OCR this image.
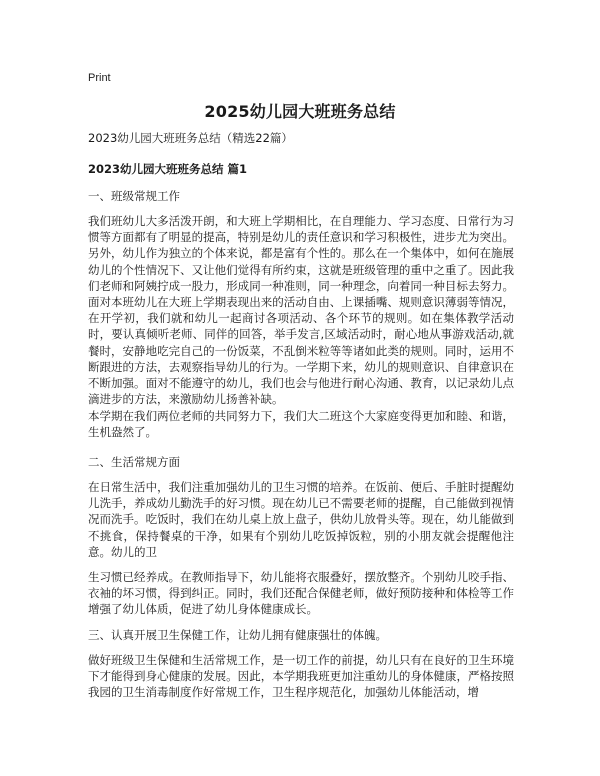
Print
2025幼儿园大班班务总结
2023幼儿园大班班务总结（精选22篇）
2023幼儿园大班班务总结 篇1
一、班级常规工作
我们班幼儿大多活泼开朗，和大班上学期相比，在自理能力、学习态度、日常行为习惯等方面都有了明显的提高，特别是幼儿的责任意识和学习积极性，进步尤为突出。另外，幼儿作为独立的个体来说，都是富有个性的。那么在一个集体中，如何在施展幼儿的个性情况下、又让他们觉得有所约束，这就是班级管理的重中之重了。因此我们老师和阿姨拧成一股力，形成同一种准则，同一种理念，向着同一种目标去努力。面对本班幼儿在大班上学期表现出来的活动自由、上课插嘴、规则意识薄弱等情况，在开学初，我们就和幼儿一起商讨各项活动、各个环节的规则。如在集体教学活动时，要认真倾听老师、同伴的回答，举手发言,区域活动时，耐心地从事游戏活动,就餐时，安静地吃完自己的一份饭菜，不乱倒米粒等等诸如此类的规则。同时，运用不断跟进的方法，去观察指导幼儿的行为。一学期下来，幼儿的规则意识、自律意识在不断加强。面对不能遵守的幼儿，我们也会与他进行耐心沟通、教育，以记录幼儿点滴进步的方法，来激励幼儿扬善补缺。
本学期在我们两位老师的共同努力下，我们大二班这个大家庭变得更加和睦、和谐，生机盎然了。
二、生活常规方面
在日常生活中，我们注重加强幼儿的卫生习惯的培养。在饭前、便后、手脏时提醒幼儿洗手，养成幼儿勤洗手的好习惯。现在幼儿已不需要老师的提醒，自己能做到视情况而洗手。吃饭时，我们在幼儿桌上放上盘子，供幼儿放骨头等。现在，幼儿能做到不挑食，保持餐桌的干净，如果有个别幼儿吃饭掉饭粒，别的小朋友就会提醒他注意。幼儿的卫
生习惯已经养成。在教师指导下，幼儿能将衣服叠好，摆放整齐。个别幼儿咬手指、衣袖的坏习惯，得到纠正。同时，我们还配合保健老师，做好预防接种和体检等工作增强了幼儿体质，促进了幼儿身体健康成长。
三、认真开展卫生保健工作，让幼儿拥有健康强壮的体魄。
做好班级卫生保健和生活常规工作，是一切工作的前提，幼儿只有在良好的卫生环境下才能得到身心健康的发展。因此，本学期我班更加注重幼儿的身体健康，严格按照我园的卫生消毒制度作好常规工作，卫生程序规范化，加强幼儿体能活动，增
